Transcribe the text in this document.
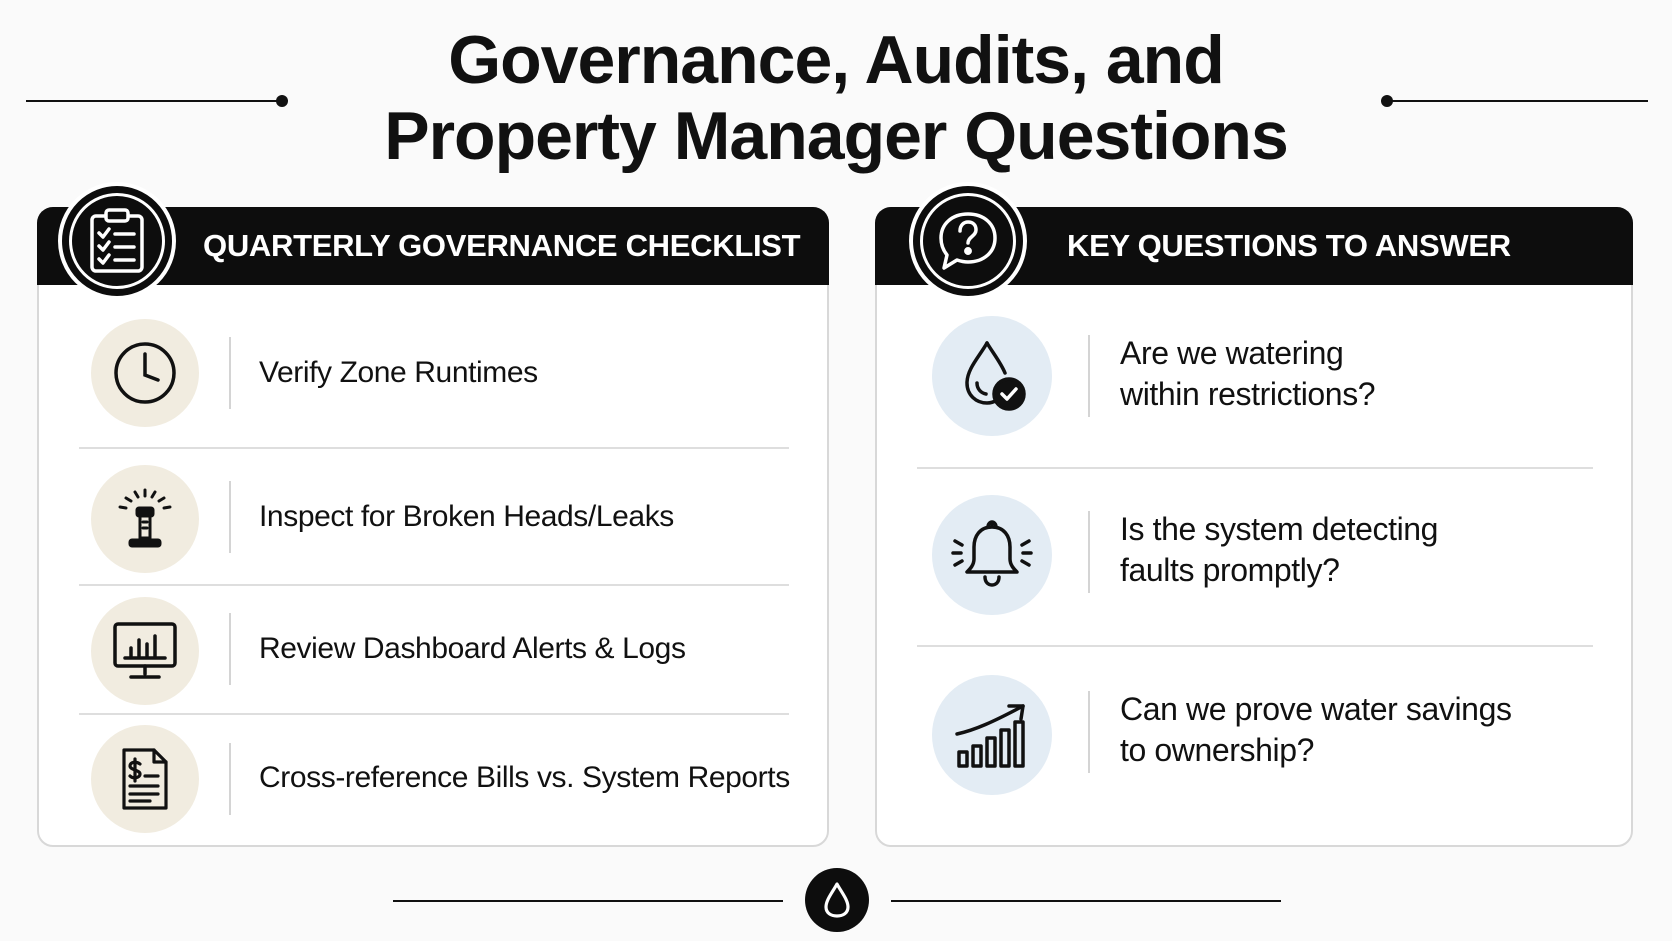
Governance, Audits, and
Property Manager Questions
QUARTERLY GOVERNANCE CHECKLIST
Verify Zone Runtimes
Inspect for Broken Heads/Leaks
Review Dashboard Alerts & Logs
Cross-reference Bills vs. System Reports
KEY QUESTIONS TO ANSWER
Are we watering
within restrictions?
Is the system detecting
faults promptly?
Can we prove water savings
to ownership?
